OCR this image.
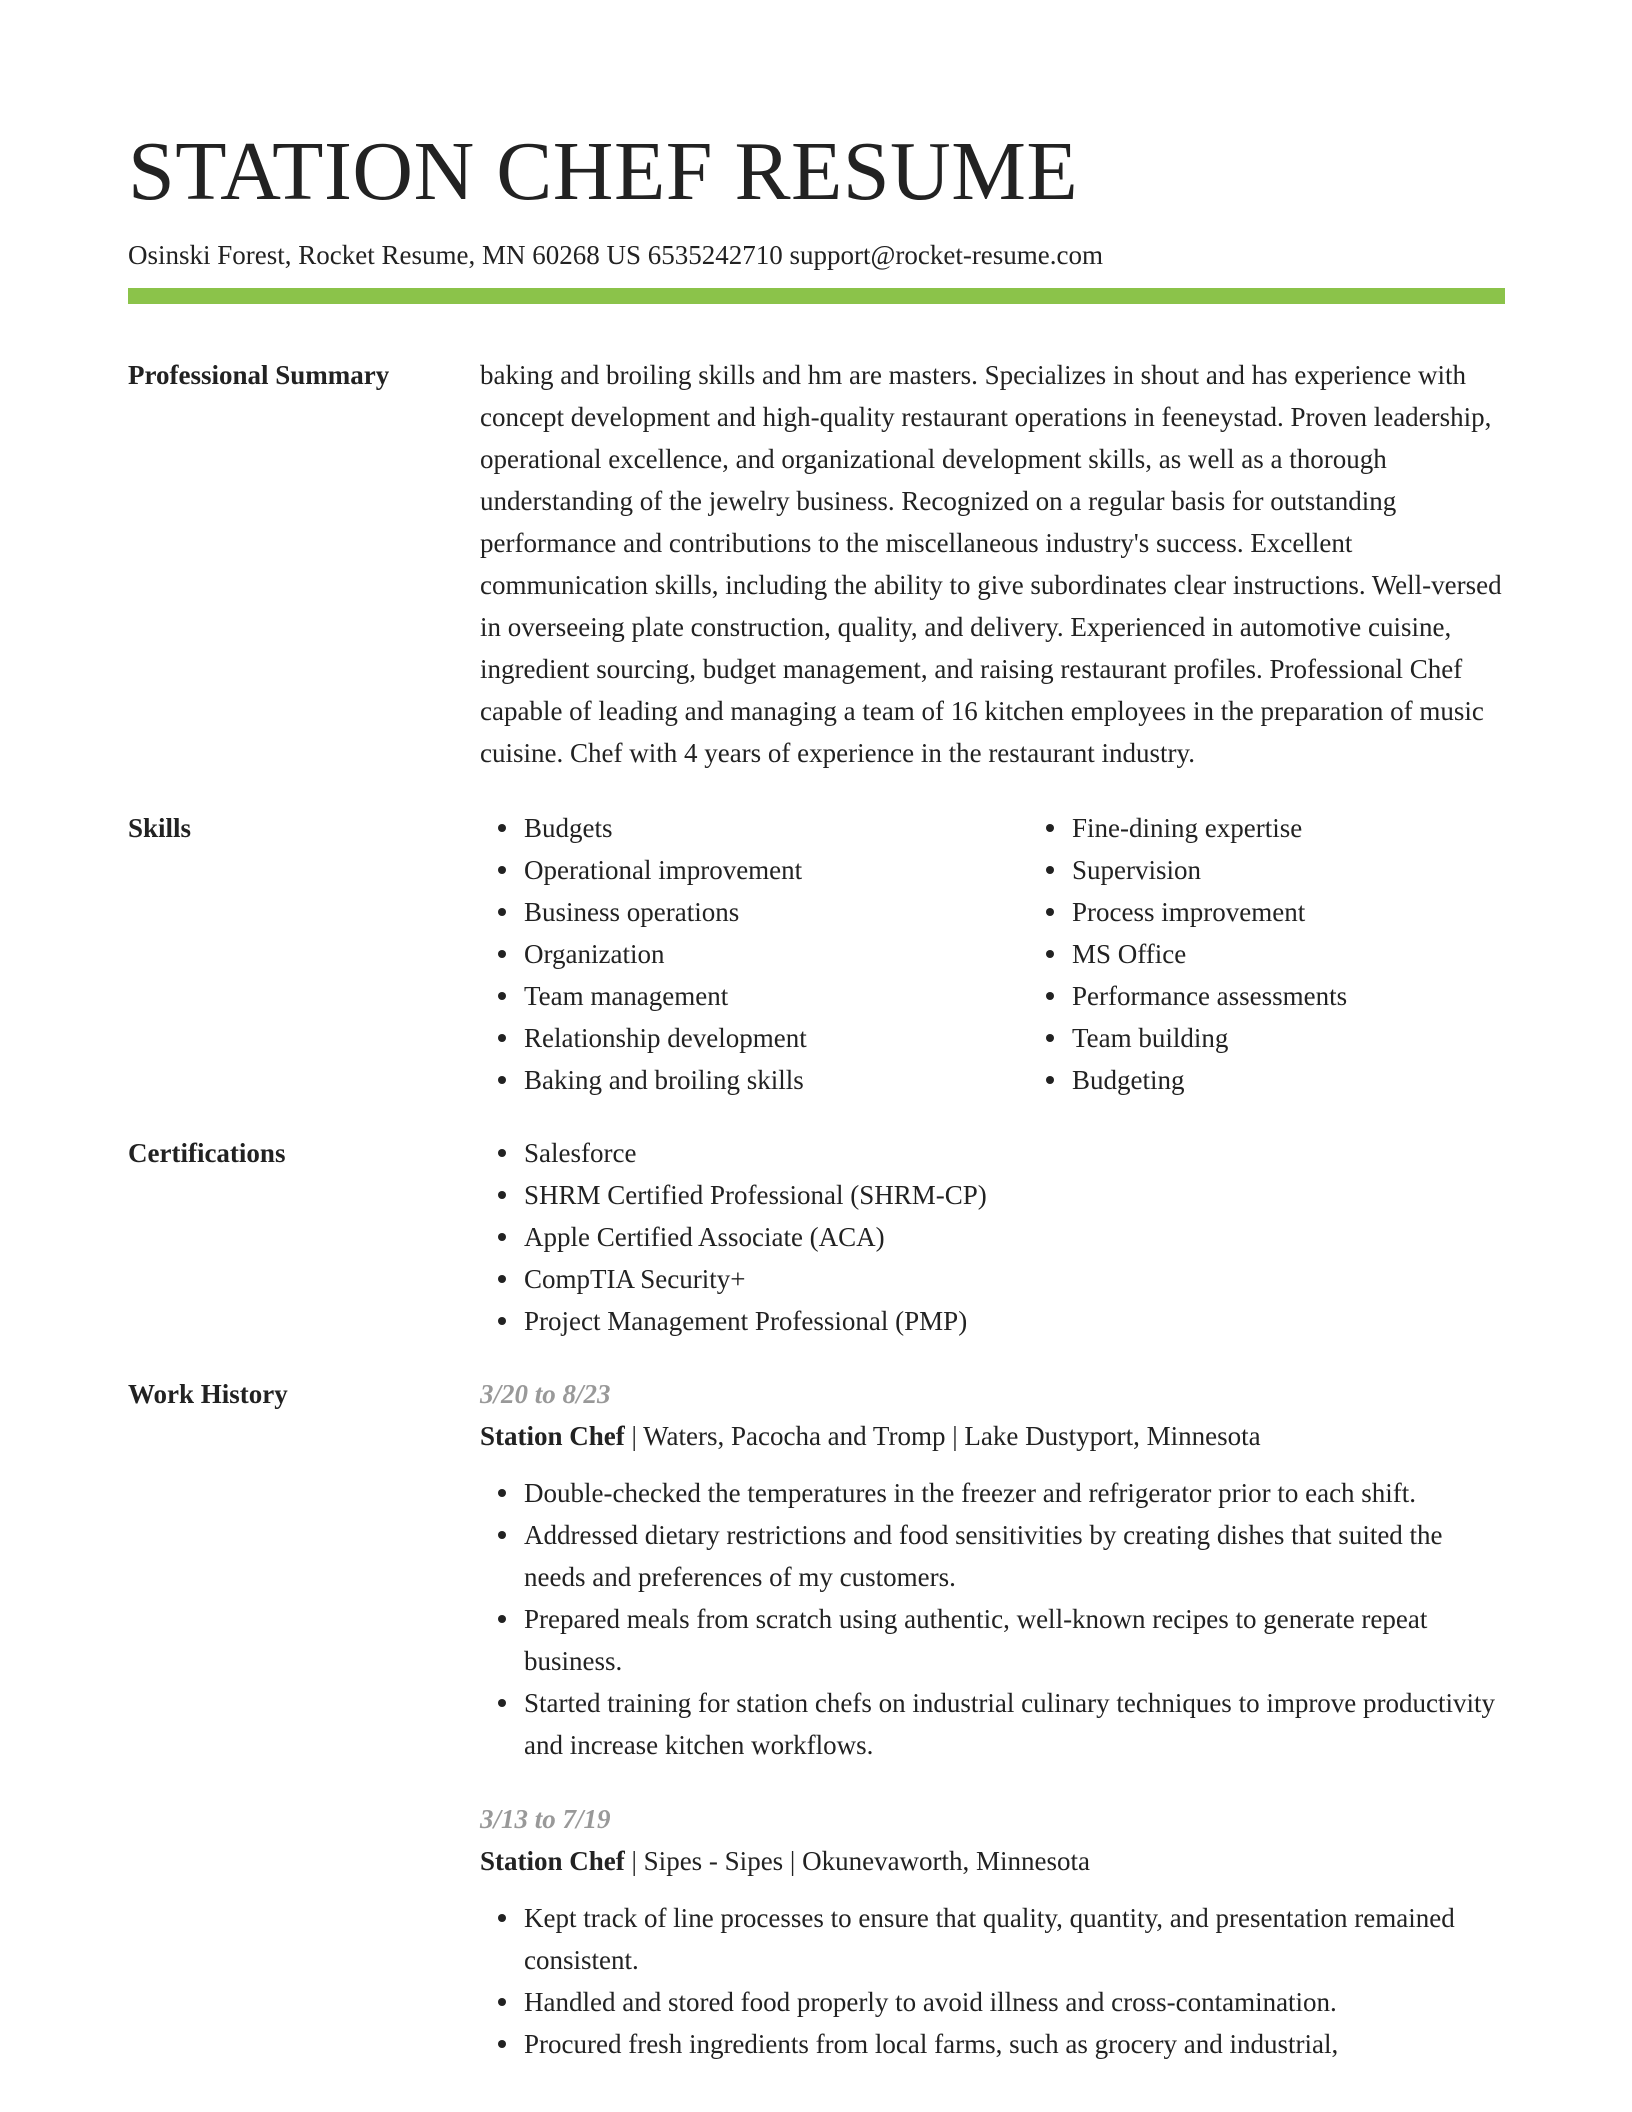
STATION CHEF RESUME
Osinski Forest, Rocket Resume, MN 60268 US 6535242710 support@rocket-resume.com
Professional Summary	baking and broiling skills and hm are masters. Specializes in shout and has experience with concept development and high-quality restaurant operations in feeneystad. Proven leadership, operational excellence, and organizational development skills, as well as a thorough understanding of the jewelry business. Recognized on a regular basis for outstanding performance and contributions to the miscellaneous industry's success. Excellent communication skills, including the ability to give subordinates clear instructions. Well-versed in overseeing plate construction, quality, and delivery. Experienced in automotive cuisine, ingredient sourcing, budget management, and raising restaurant profiles. Professional Chef capable of leading and managing a team of 16 kitchen employees in the preparation of music cuisine. Chef with 4 years of experience in the restaurant industry.

Skills	Budgets
Operational improvement
Business operations
Organization
Team management
Relationship development
Baking and broiling skills
Fine-dining expertise
Supervision
Process improvement
MS Office
Performance assessments
Team building
Budgeting
Certifications	Salesforce
SHRM Certified Professional (SHRM-CP)
Apple Certified Associate (ACA)
CompTIA Security+
Project Management Professional (PMP)
Work History	3/20 to 8/23
Station Chef | Waters, Pacocha and Tromp | Lake Dustyport, Minnesota
Double-checked the temperatures in the freezer and refrigerator prior to each shift.
Addressed dietary restrictions and food sensitivities by creating dishes that suited the needs and preferences of my customers.
Prepared meals from scratch using authentic, well-known recipes to generate repeat business.
Started training for station chefs on industrial culinary techniques to improve productivity and increase kitchen workflows.
3/13 to 7/19
Station Chef | Sipes - Sipes | Okunevaworth, Minnesota
Kept track of line processes to ensure that quality, quantity, and presentation remained consistent.
Handled and stored food properly to avoid illness and cross-contamination.
Procured fresh ingredients from local farms, such as grocery and industrial,
